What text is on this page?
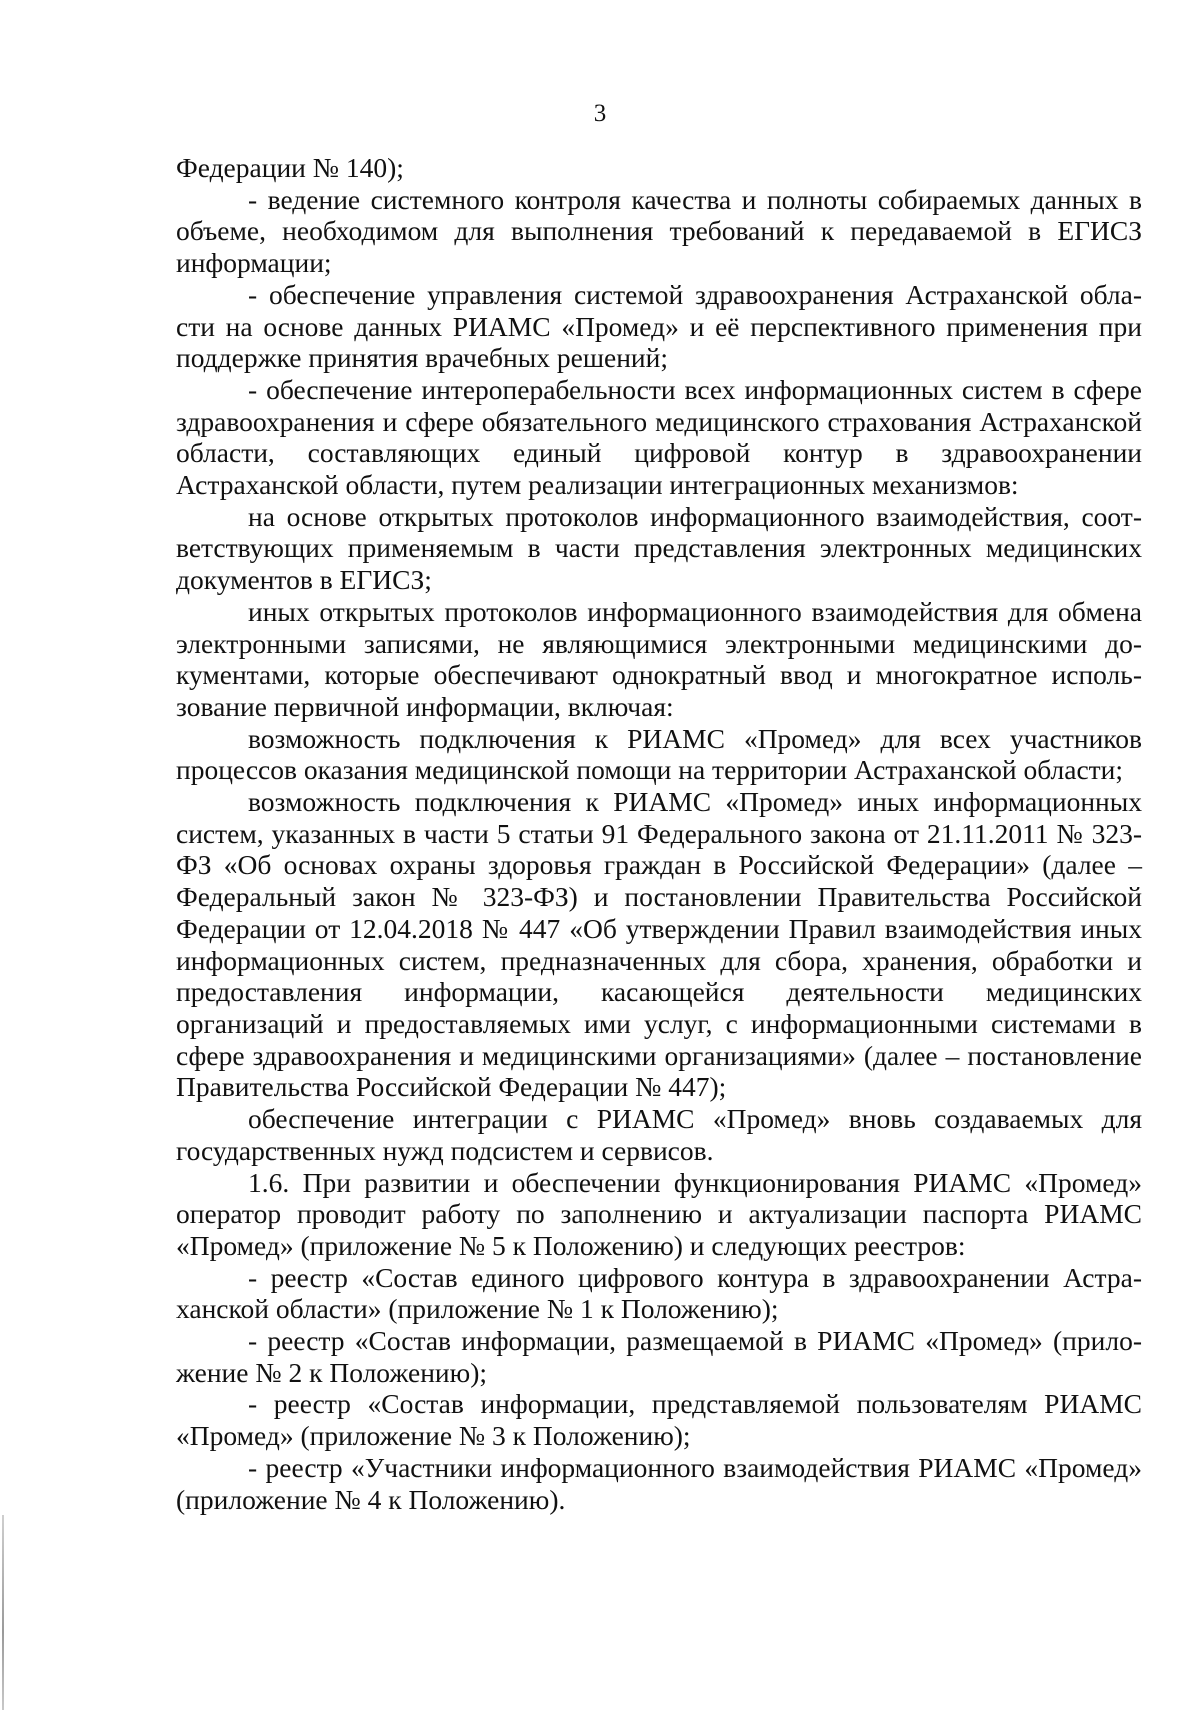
3

Федерации № 140);

- ведение системного контроля качества и полноты собираемых данных в объеме, необходимом для выполнения требований к передаваемой в ЕГИСЗ информации;

- обеспечение управления системой здравоохранения Астраханской области на основе данных РИАМС «Промед» и её перспективного применения при поддержке принятия врачебных решений;

- обеспечение интероперабельности всех информационных систем в сфере здравоохранения и сфере обязательного медицинского страхования Астраханской области, составляющих единый цифровой контур в здравоохранении Астраханской области, путем реализации интеграционных механизмов:

на основе открытых протоколов информационного взаимодействия, соответствующих применяемым в части представления электронных медицинских документов в ЕГИСЗ;

иных открытых протоколов информационного взаимодействия для обмена электронными записями, не являющимися электронными медицинскими документами, которые обеспечивают однократный ввод и многократное использование первичной информации, включая:

возможность подключения к РИАМС «Промед» для всех участников процессов оказания медицинской помощи на территории Астраханской области;

возможность подключения к РИАМС «Промед» иных информационных систем, указанных в части 5 статьи 91 Федерального закона от 21.11.2011 № 323-ФЗ «Об основах охраны здоровья граждан в Российской Федерации» (далее – Федеральный закон № 323-ФЗ) и постановлении Правительства Российской Федерации от 12.04.2018 № 447 «Об утверждении Правил взаимодействия иных информационных систем, предназначенных для сбора, хранения, обработки и предоставления информации, касающейся деятельности медицинских организаций и предоставляемых ими услуг, с информационными системами в сфере здравоохранения и медицинскими организациями» (далее – постановление Правительства Российской Федерации № 447);

обеспечение интеграции с РИАМС «Промед» вновь создаваемых для государственных нужд подсистем и сервисов.

1.6. При развитии и обеспечении функционирования РИАМС «Промед» оператор проводит работу по заполнению и актуализации паспорта РИАМС «Промед» (приложение № 5 к Положению) и следующих реестров:

- реестр «Состав единого цифрового контура в здравоохранении Астраханской области» (приложение № 1 к Положению);

- реестр «Состав информации, размещаемой в РИАМС «Промед» (приложение № 2 к Положению);

- реестр «Состав информации, представляемой пользователям РИАМС «Промед» (приложение № 3 к Положению);

- реестр «Участники информационного взаимодействия РИАМС «Промед» (приложение № 4 к Положению).
